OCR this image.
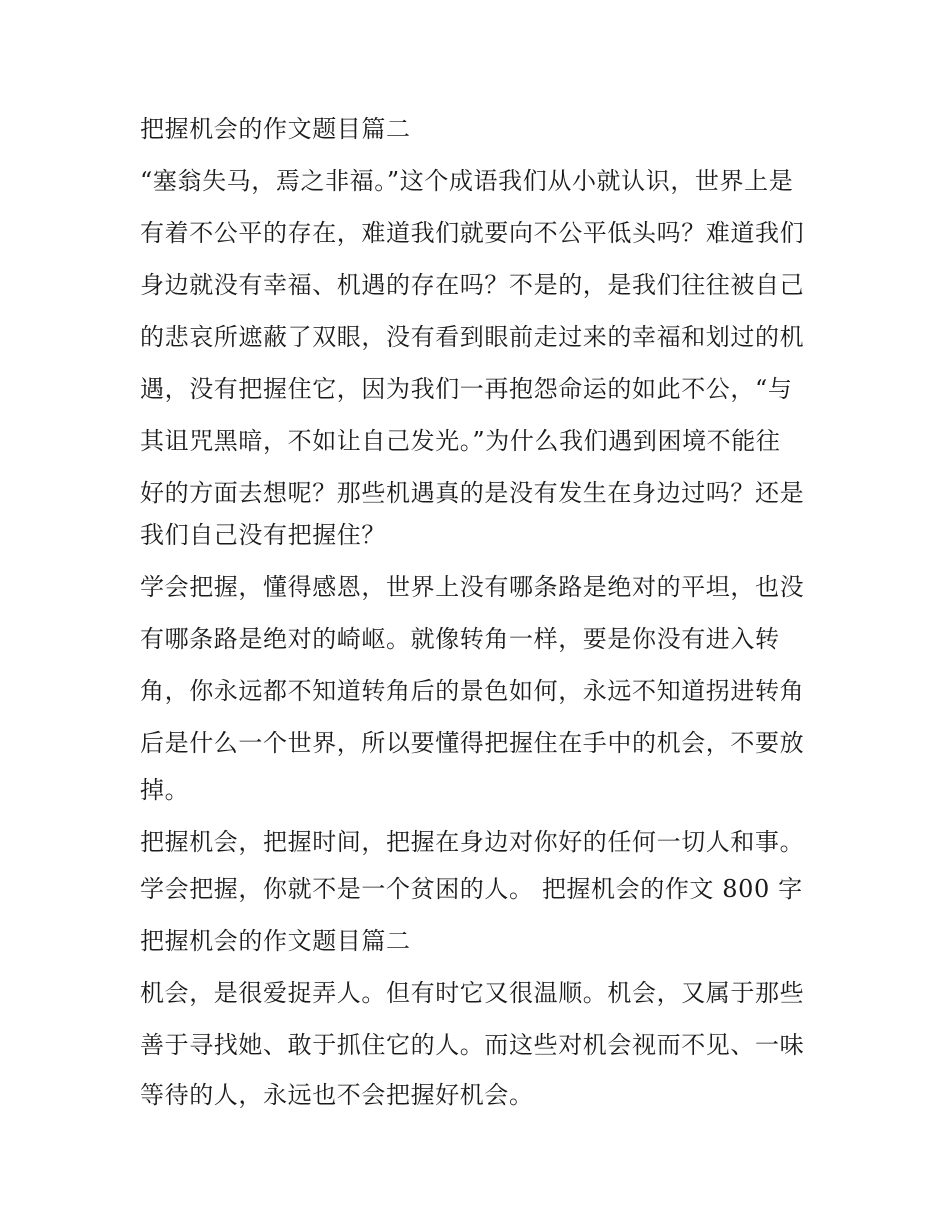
把握机会的作文题目篇二
“塞翁失马，焉之非福。”这个成语我们从小就认识，世界上是
有着不公平的存在，难道我们就要向不公平低头吗？难道我们
身边就没有幸福、机遇的存在吗？不是的，是我们往往被自己
的悲哀所遮蔽了双眼，没有看到眼前走过来的幸福和划过的机
遇，没有把握住它，因为我们一再抱怨命运的如此不公，“与
其诅咒黑暗，不如让自己发光。”为什么我们遇到困境不能往
好的方面去想呢？那些机遇真的是没有发生在身边过吗？还是
我们自己没有把握住？
学会把握，懂得感恩，世界上没有哪条路是绝对的平坦，也没
有哪条路是绝对的崎岖。就像转角一样，要是你没有进入转
角，你永远都不知道转角后的景色如何，永远不知道拐进转角
后是什么一个世界，所以要懂得把握住在手中的机会，不要放
掉。
把握机会，把握时间，把握在身边对你好的任何一切人和事。
学会把握，你就不是一个贫困的人。 把握机会的作文 800 字
把握机会的作文题目篇二
机会，是很爱捉弄人。但有时它又很温顺。机会，又属于那些
善于寻找她、敢于抓住它的人。而这些对机会视而不见、一味
等待的人，永远也不会把握好机会。
